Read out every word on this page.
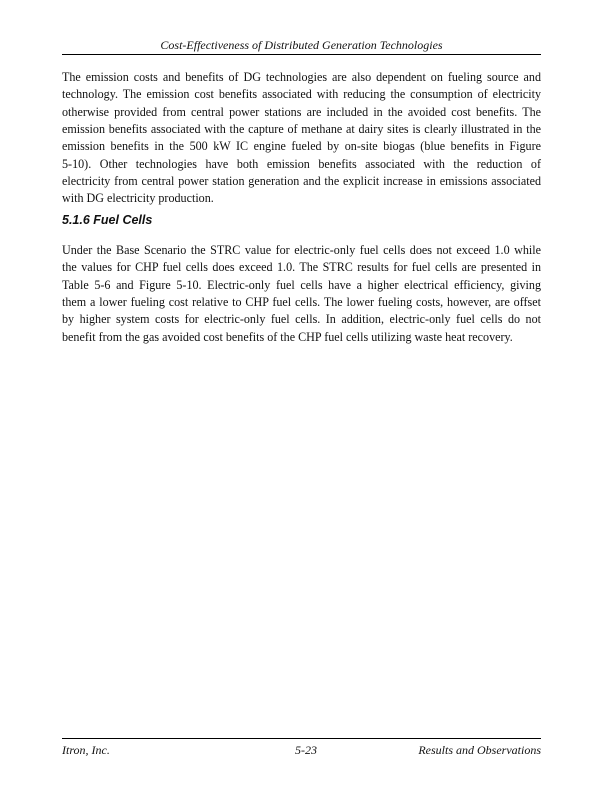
Cost-Effectiveness of Distributed Generation Technologies
The emission costs and benefits of DG technologies are also dependent on fueling source and
technology. The emission cost benefits associated with reducing the consumption of electricity
otherwise provided from central power stations are included in the avoided cost benefits. The
emission benefits associated with the capture of methane at dairy sites is clearly illustrated in the
emission benefits in the 500 kW IC engine fueled by on-site biogas (blue benefits in Figure
5-10). Other technologies have both emission benefits associated with the reduction of
electricity from central power station generation and the explicit increase in emissions associated
with DG electricity production.
5.1.6 Fuel Cells
Under the Base Scenario the STRC value for electric-only fuel cells does not exceed 1.0 while
the values for CHP fuel cells does exceed 1.0. The STRC results for fuel cells are presented in
Table 5-6 and Figure 5-10. Electric-only fuel cells have a higher electrical efficiency, giving
them a lower fueling cost relative to CHP fuel cells. The lower fueling costs, however, are offset
by higher system costs for electric-only fuel cells. In addition, electric-only fuel cells do not
benefit from the gas avoided cost benefits of the CHP fuel cells utilizing waste heat recovery.
Itron, Inc.	5-23	Results and Observations
